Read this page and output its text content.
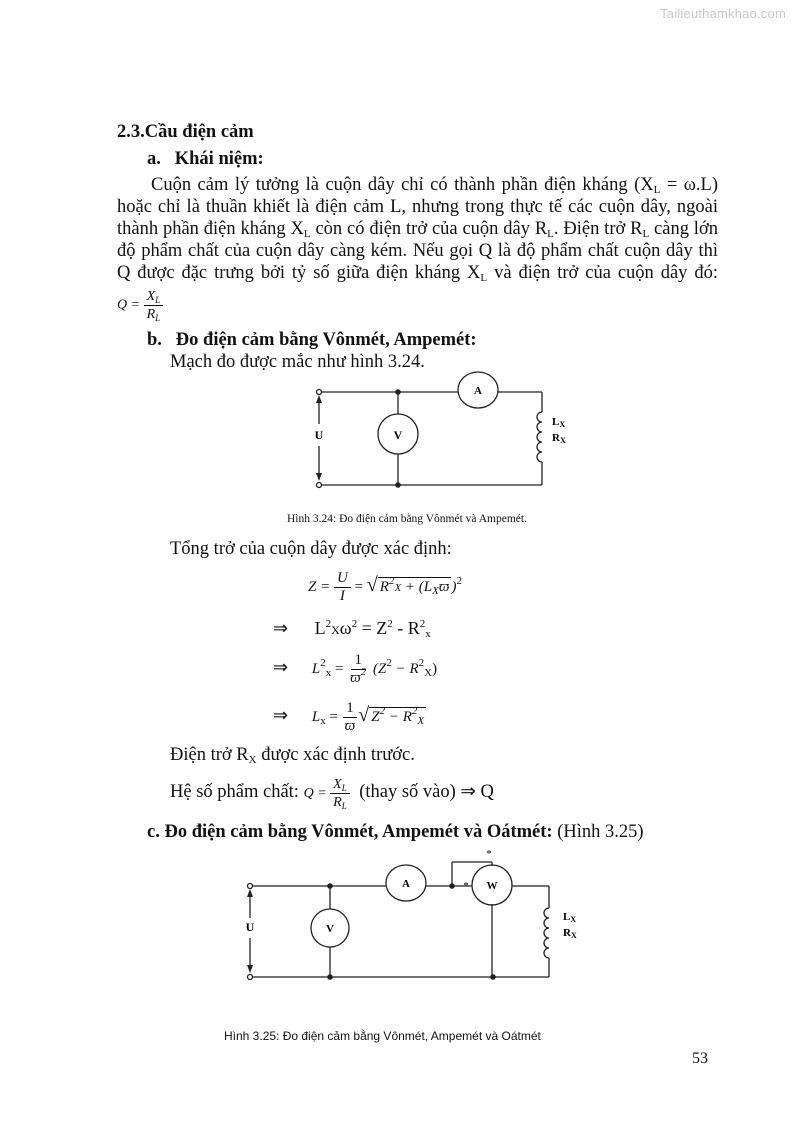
Tailieuthamkhao.com
2.3.Cầu điện cảm
a. Khái niệm:
Cuộn cảm lý tưởng là cuộn dây chỉ có thành phần điện kháng $(X_L = \omega.L)$
hoặc chỉ là thuần khiết là điện cảm L, nhưng trong thực tế các cuộn dây, ngoài
thành phần điện kháng $X_L$ còn có điện trở của cuộn dây $R_L$. Điện trở $R_L$ càng lớn
độ phẩm chất của cuộn dây càng kém. Nếu gọi Q là độ phẩm chất cuộn dây thì
Q được đặc trưng bởi tỷ số giữa điện kháng $X_L$ và điện trở của cuộn dây đó:
$Q = \frac{X_L}{R_L}$
b. Đo điện cảm bằng Vônmét, Ampemét:
Mạch đo được mắc như hình 3.24.
U
A
V
LX
RX
U
A
V
W
*
*
LX
RX
Hình 3.24: Đo điện cảm bằng Vônmét và Ampemét.
Tổng trở của cuộn dây được xác định:
$Z = \frac{U}{I}$ = √ $R^2X + (L_Xϖ$ )$^2$
⇒ $L^2X\omega^2 = Z^2 - R^2_x$
⇒ $L^2_x = \frac{1}{ϖ^2} (Z^2 - R^2_X)$
⇒ $L_x = \frac{1}{ϖ}$ √ $Z^2 - R^2_X$
Điện trở $R_X$ được xác định trước.
Hệ số phẩm chất: $Q = \frac{X_L}{R_L}$ (thay số vào) ⇒ Q
c. Đo điện cảm bằng Vônmét, Ampemét và Oátmét: (Hình 3.25)
Hình 3.25: Đo điện cảm bằng Vônmét, Ampemét và Oátmét
53
